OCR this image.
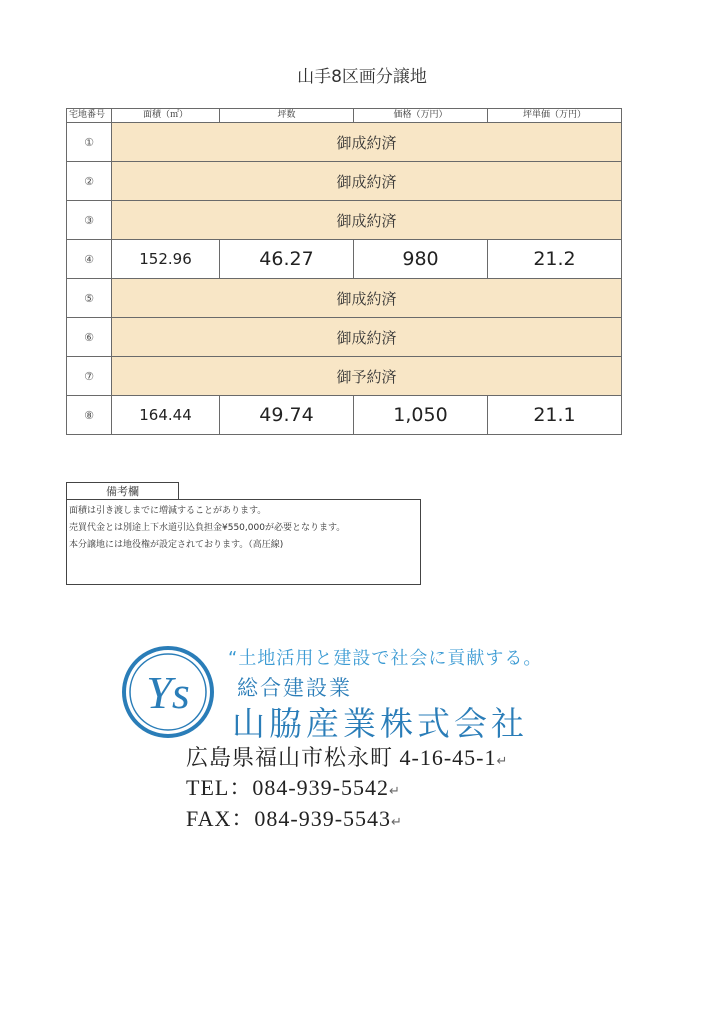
山手8区画分譲地
宅地番号	面積（㎡）	坪数	価格（万円）	坪単価（万円）
①	御成約済			
②	御成約済			
③	御成約済			
④	152.96	46.27	980	21.2
⑤	御成約済			
⑥	御成約済			
⑦	御予約済			
⑧	164.44	49.74	1,050	21.1
備考欄
面積は引き渡しまでに増減することがあります。
売買代金とは別途上下水道引込負担金¥550,000が必要となります。
本分譲地には地役権が設定されております。（高圧線)
Ys
“土地活用と建設で社会に貢献する。
総合建設業
山脇産業株式会社
広島県福山市松永町 4-16-45-1↵
TEL：084-939-5542↵
FAX：084-939-5543↵
